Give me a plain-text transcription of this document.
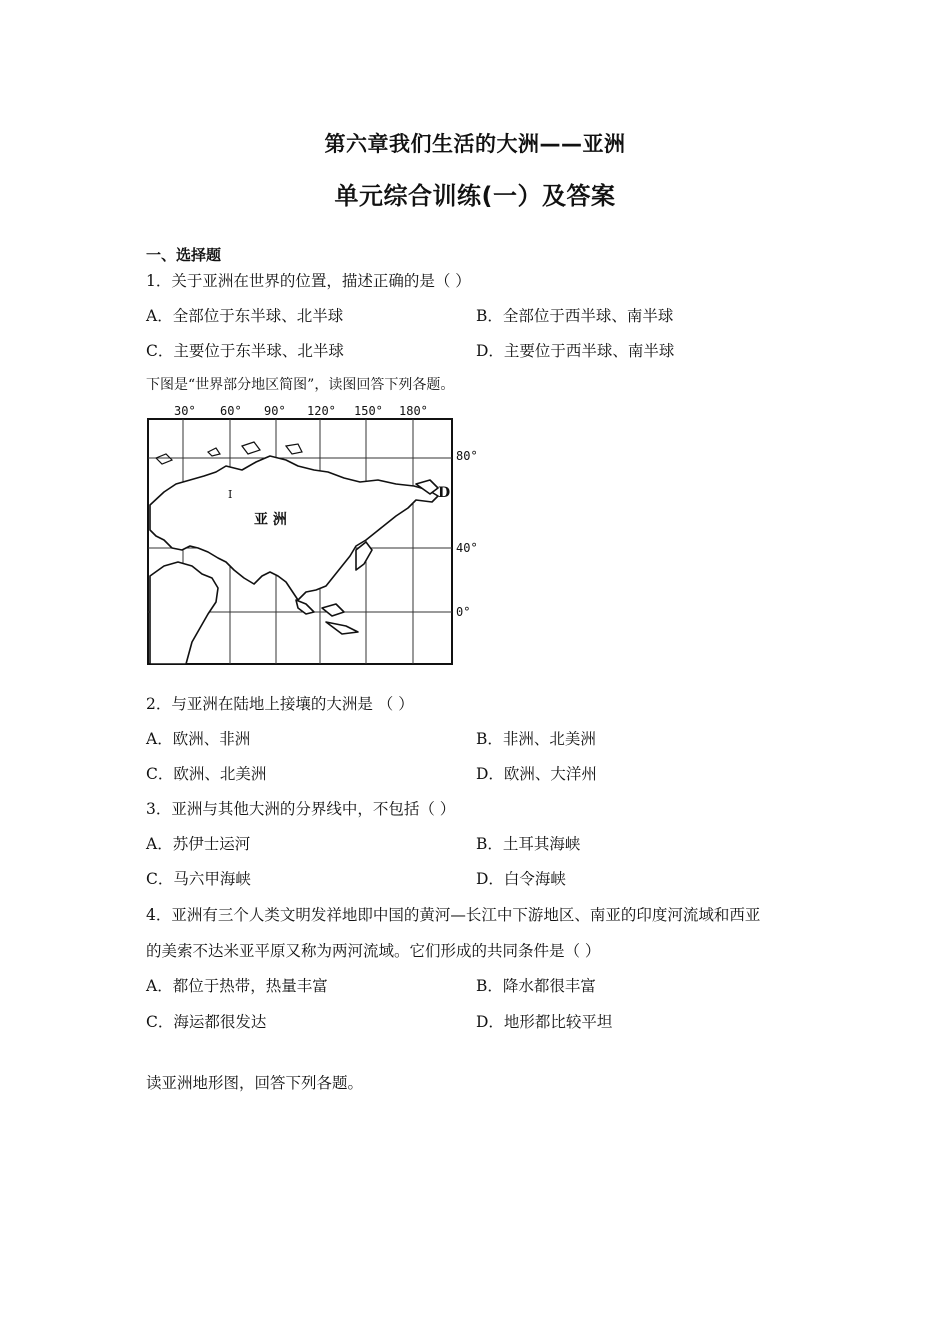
第六章我们生活的大洲——亚洲
单元综合训练(一）及答案
一、选择题
1．关于亚洲在世界的位置，描述正确的是（ ）
A．全部位于东半球、北半球	B．全部位于西半球、南半球
C．主要位于东半球、北半球	D．主要位于西半球、南半球
下图是“世界部分地区简图”，读图回答下列各题。
30° 60° 90° 120° 150° 180°
80°
40°
0°
亚 洲
D
I
2．与亚洲在陆地上接壤的大洲是 （ ）
A．欧洲、非洲	B．非洲、北美洲
C．欧洲、北美洲	D．欧洲、大洋州
3．亚洲与其他大洲的分界线中，不包括（ ）
A．苏伊士运河	B．土耳其海峡
C．马六甲海峡	D．白令海峡
4．亚洲有三个人类文明发祥地即中国的黄河—长江中下游地区、南亚的印度河流域和西亚
的美索不达米亚平原又称为两河流域。它们形成的共同条件是（ ）
A．都位于热带，热量丰富	B．降水都很丰富
C．海运都很发达	D．地形都比较平坦
读亚洲地形图，回答下列各题。
